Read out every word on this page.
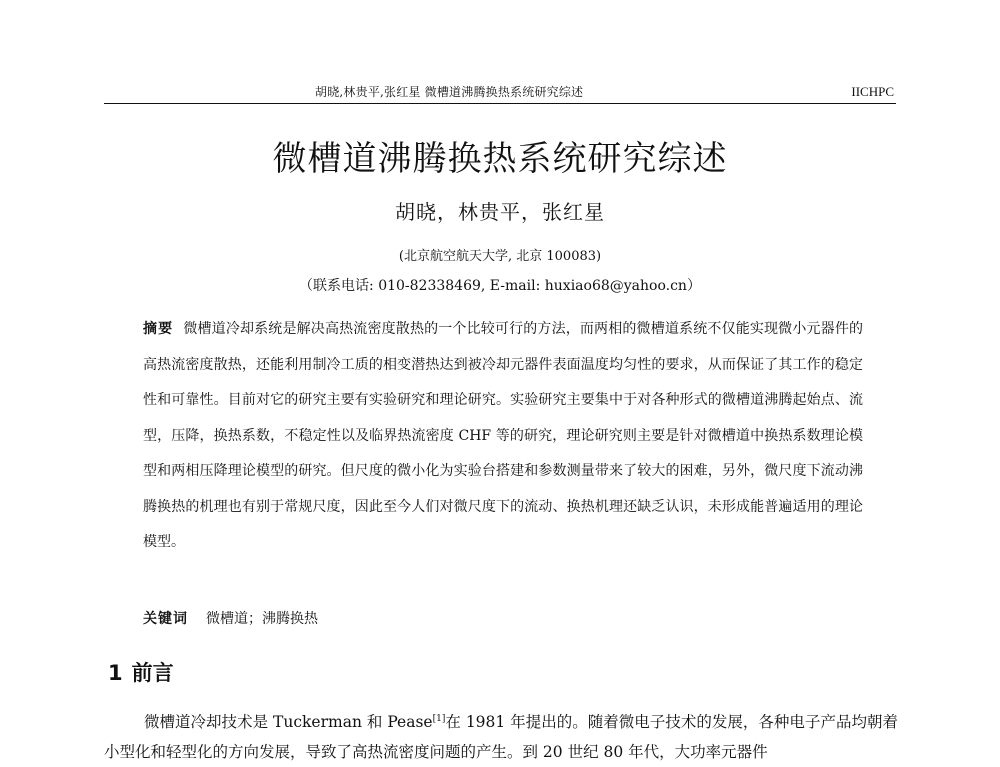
胡晓,林贵平,张红星 微槽道沸腾换热系统研究综述	IICHPC
微槽道沸腾换热系统研究综述
胡晓，林贵平，张红星
(北京航空航天大学, 北京 100083)
（联系电话: 010-82338469, E-mail: huxiao68@yahoo.cn）
摘要 微槽道冷却系统是解决高热流密度散热的一个比较可行的方法，而两相的微槽道系统不仅能实现微小元器件的高热流密度散热，还能利用制冷工质的相变潜热达到被冷却元器件表面温度均匀性的要求，从而保证了其工作的稳定性和可靠性。目前对它的研究主要有实验研究和理论研究。实验研究主要集中于对各种形式的微槽道沸腾起始点、流型，压降，换热系数，不稳定性以及临界热流密度 CHF 等的研究，理论研究则主要是针对微槽道中换热系数理论模型和两相压降理论模型的研究。但尺度的微小化为实验台搭建和参数测量带来了较大的困难，另外，微尺度下流动沸腾换热的机理也有别于常规尺度，因此至今人们对微尺度下的流动、换热机理还缺乏认识，未形成能普遍适用的理论模型。
关键词 微槽道；沸腾换热
1 前言
微槽道冷却技术是 Tuckerman 和 Pease[1]在 1981 年提出的。随着微电子技术的发展，各种电子产品均朝着小型化和轻型化的方向发展，导致了高热流密度问题的产生。到 20 世纪 80 年代，大功率元器件
